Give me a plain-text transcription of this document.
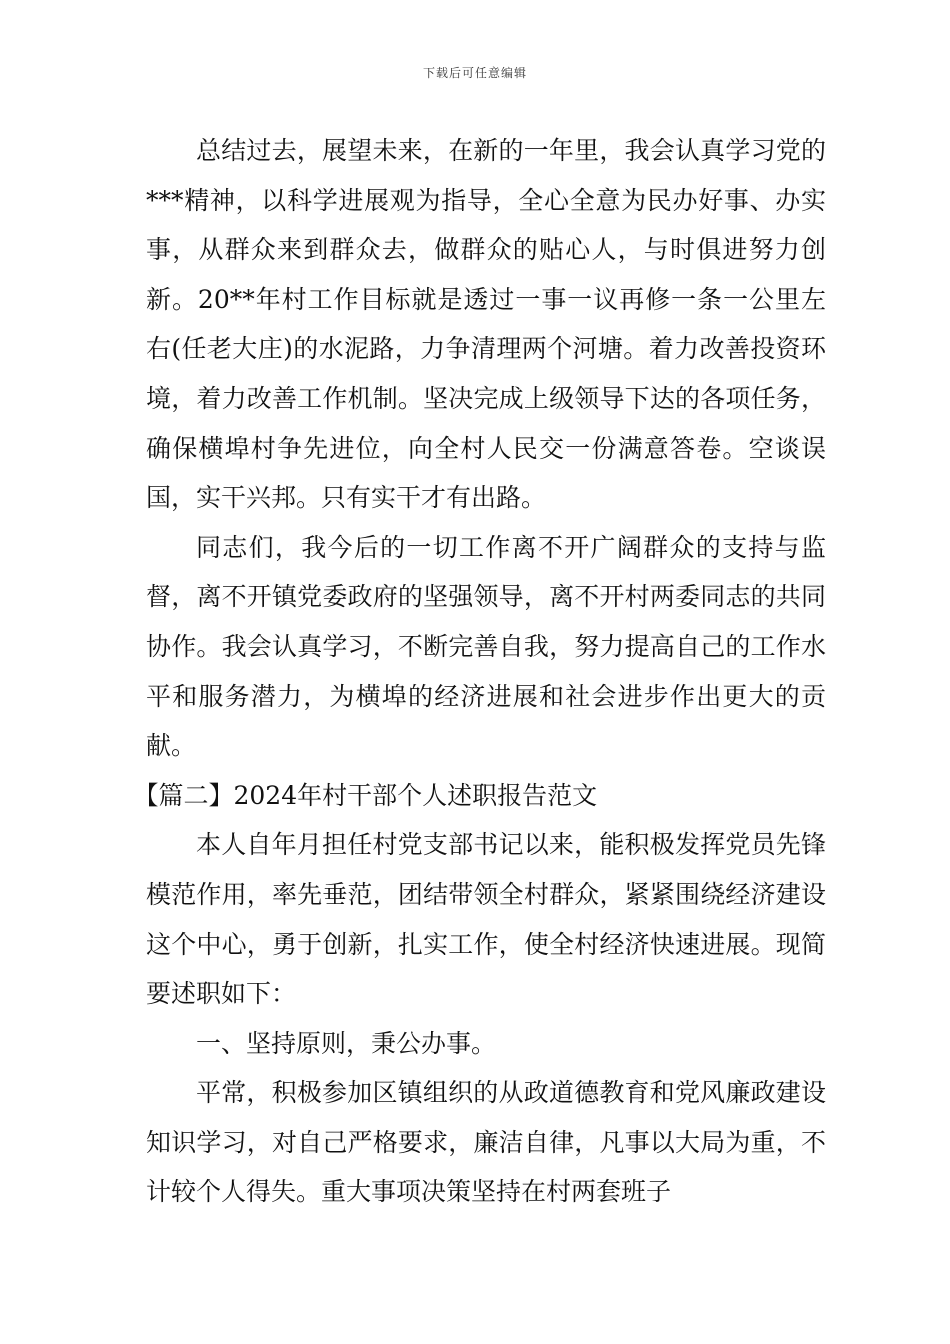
下载后可任意编辑

总结过去，展望未来，在新的一年里，我会认真学习党的***精神，以科学进展观为指导，全心全意为民办好事、办实事，从群众来到群众去，做群众的贴心人，与时俱进努力创新。20**年村工作目标就是透过一事一议再修一条一公里左右(任老大庄)的水泥路，力争清理两个河塘。着力改善投资环境，着力改善工作机制。坚决完成上级领导下达的各项任务，确保横埠村争先进位，向全村人民交一份满意答卷。空谈误国，实干兴邦。只有实干才有出路。

同志们，我今后的一切工作离不开广阔群众的支持与监督，离不开镇党委政府的坚强领导，离不开村两委同志的共同协作。我会认真学习，不断完善自我，努力提高自己的工作水平和服务潜力，为横埠的经济进展和社会进步作出更大的贡献。

【篇二】2024年村干部个人述职报告范文

本人自年月担任村党支部书记以来，能积极发挥党员先锋模范作用，率先垂范，团结带领全村群众，紧紧围绕经济建设这个中心，勇于创新，扎实工作，使全村经济快速进展。现简要述职如下：

一、坚持原则，秉公办事。

平常，积极参加区镇组织的从政道德教育和党风廉政建设知识学习，对自己严格要求，廉洁自律，凡事以大局为重，不计较个人得失。重大事项决策坚持在村两套班子
